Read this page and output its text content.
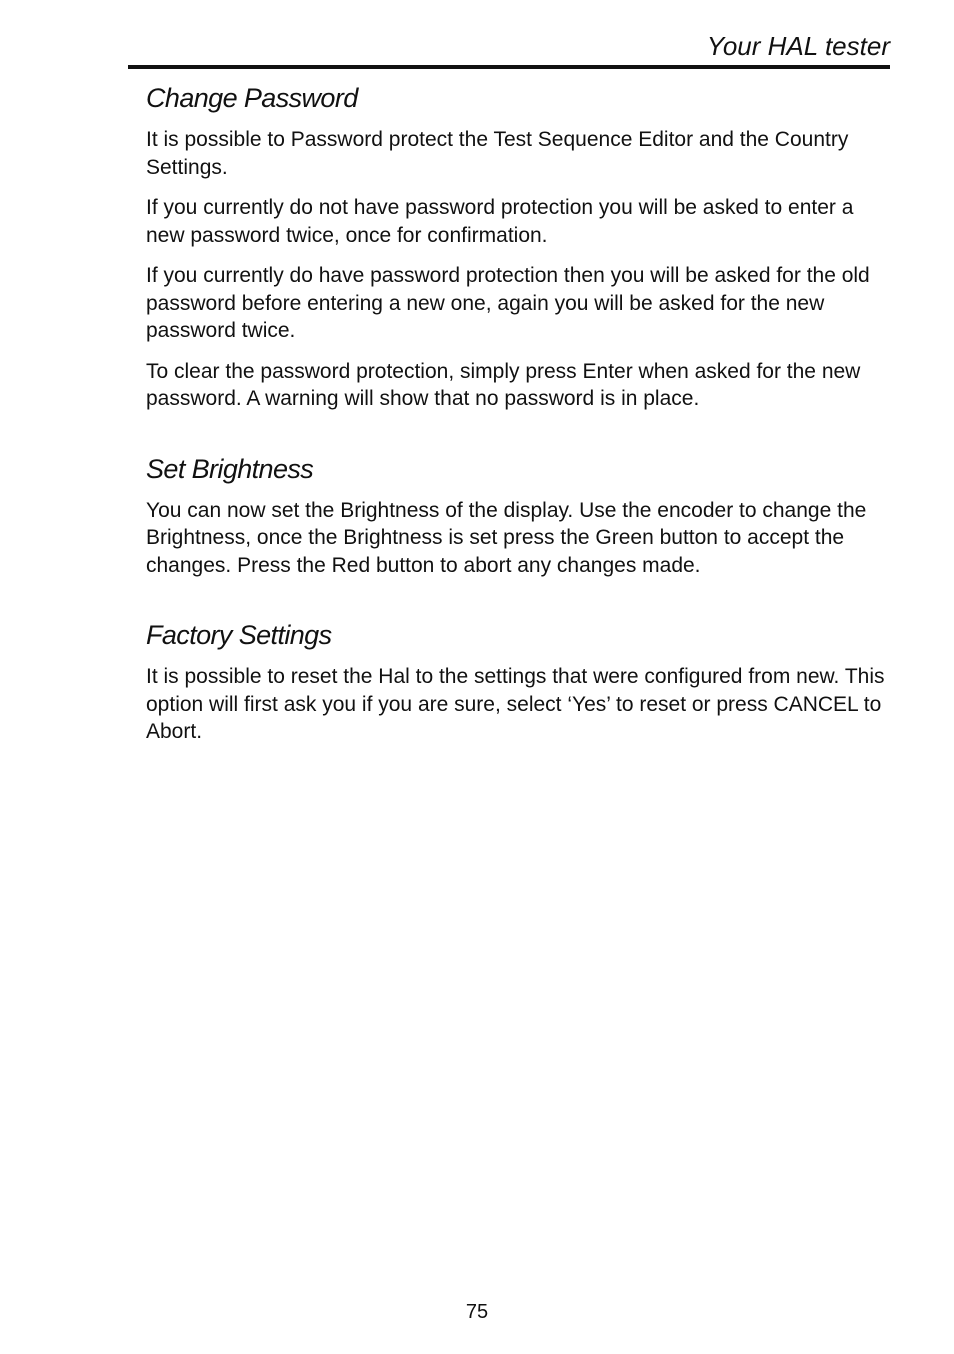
Your HAL tester
Change Password

It is possible to Password protect the Test Sequence Editor and the Country Settings.

If you currently do not have password protection you will be asked to enter a new password twice, once for confirmation.

If you currently do have password protection then you will be asked for the old password before entering a new one, again you will be asked for the new password twice.

To clear the password protection, simply press Enter when asked for the new password. A warning will show that no password is in place.

Set Brightness

You can now set the Brightness of the display. Use the encoder to change the Brightness, once the Brightness is set press the Green button to accept the changes. Press the Red button to abort any changes made.

Factory Settings

It is possible to reset the Hal to the settings that were configured from new. This option will first ask you if you are sure, select ‘Yes’ to reset or press CANCEL to Abort.

75
